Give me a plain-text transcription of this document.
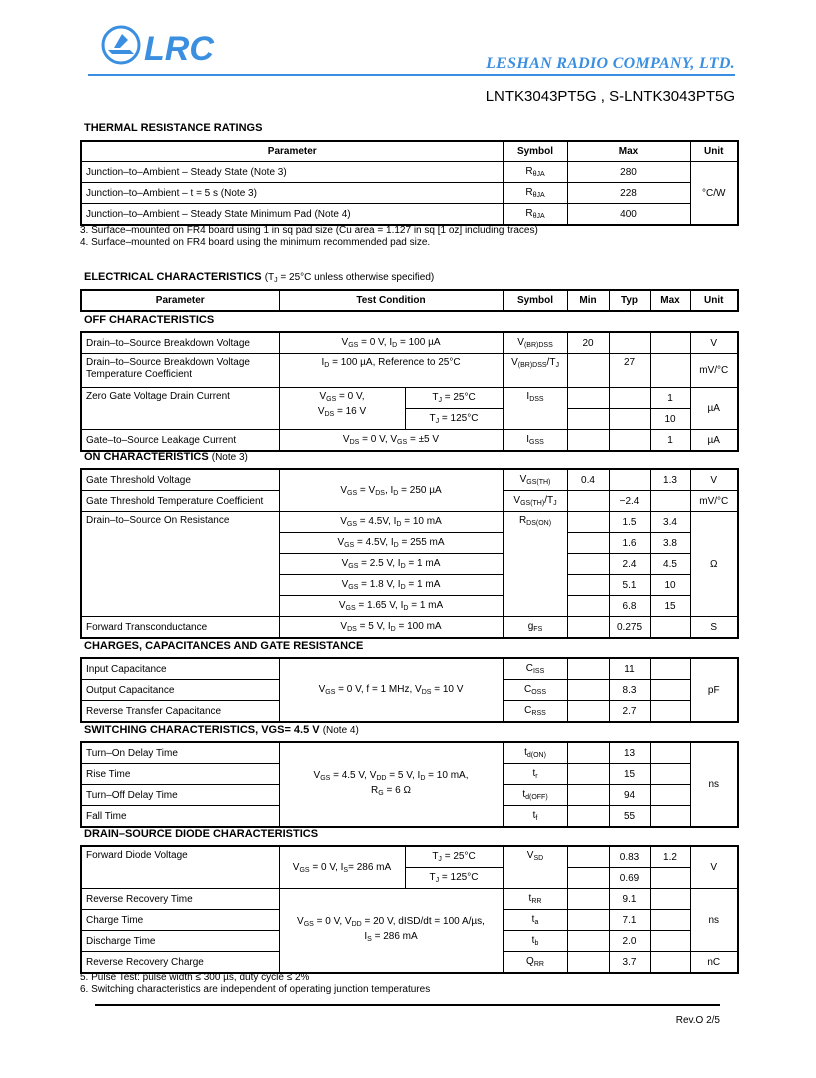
LRC	LESHAN RADIO COMPANY, LTD.
LNTK3043PT5G , S-LNTK3043PT5G
THERMAL RESISTANCE RATINGS
Parameter	Symbol	Max	Unit
Junction–to–Ambient – Steady State (Note 3)	$R_{\theta JA}$	280	°C/W
Junction–to–Ambient – t = 5 s (Note 3)	$R_{\theta JA}$	228	
Junction–to–Ambient – Steady State Minimum Pad (Note 4)	$R_{\theta JA}$	400	
3. Surface–mounted on FR4 board using 1 in sq pad size (Cu area = 1.127 in sq [1 oz] including traces)
4. Surface–mounted on FR4 board using the minimum recommended pad size.
ELECTRICAL CHARACTERISTICS ($T_J = 25^\circ C$ unless otherwise specified)
Parameter	Test Condition	Symbol	Min	Typ	Max	Unit
OFF CHARACTERISTICS
Drain–to–Source Breakdown Voltage	$V_{GS} = 0$ V, $I_D = 100$ µA		$V_{(BR)DSS}$	20			V
Drain–to–Source Breakdown Voltage
Temperature Coefficient	$I_D = 100$ µA, Reference to 25°C		$V_{(BR)DSS}/T_J$		27		mV/°C
Zero Gate Voltage Drain Current	$V_{GS} = 0$ V,
$V_{DS} = 16$ V	$T_J = 25^\circ C$	$I_{DSS}$			1	µA
		$T_J = 125^\circ C$				10	
Gate–to–Source Leakage Current	$V_{DS} = 0$ V, $V_{GS} = \pm 5$ V		$I_{GSS}$			1	µA
ON CHARACTERISTICS (Note 3)
Gate Threshold Voltage	$V_{GS} = V_{DS}$, $I_D = 250$ µA	$V_{GS(TH)}$	0.4		1.3	V
Gate Threshold Temperature Coefficient		$V_{GS(TH)}/T_J$		−2.4		mV/°C
Drain–to–Source On Resistance	$V_{GS} = 4.5V$, $I_D = 10$ mA	$R_{DS(ON)}$		1.5	3.4	Ω
	$V_{GS} = 4.5V$, $I_D = 255$ mA			1.6	3.8	
	$V_{GS} = 2.5$ V, $I_D = 1$ mA			2.4	4.5	
	$V_{GS} = 1.8$ V, $I_D = 1$ mA			5.1	10	
	$V_{GS} = 1.65$ V, $I_D = 1$ mA			6.8	15	
Forward Transconductance	$V_{DS} = 5$ V, $I_D = 100$ mA	$g_{FS}$		0.275		S
CHARGES, CAPACITANCES AND GATE RESISTANCE
Input Capacitance	$V_{GS} = 0$ V, f = 1 MHz, $V_{DS} = 10$ V	$C_{ISS}$		11		pF
Output Capacitance		$C_{OSS}$		8.3		
Reverse Transfer Capacitance		$C_{RSS}$		2.7		
SWITCHING CHARACTERISTICS, VGS= 4.5 V (Note 4)
Turn–On Delay Time	$V_{GS} = 4.5$ V, $V_{DD} = 5$ V, $I_D = 10$ mA,
$R_G = 6$ Ω	$t_{d(ON)}$		13		ns
Rise Time		$t_r$		15		
Turn–Off Delay Time		$t_{d(OFF)}$		94		
Fall Time		$t_f$		55		
DRAIN–SOURCE DIODE CHARACTERISTICS
Forward Diode Voltage	$V_{GS} = 0$ V, $I_S= 286$ mA	$T_J = 25^\circ C$	$V_{SD}$		0.83	1.2	V
		$T_J = 125^\circ C$			0.69		
Reverse Recovery Time	$V_{GS} = 0$ V, $V_{DD} = 20$ V, dISD/dt = 100 A/µs,
$I_S = 286$ mA		$t_{RR}$		9.1		ns
Charge Time			$t_a$		7.1		
Discharge Time			$t_b$		2.0		
Reverse Recovery Charge			$Q_{RR}$		3.7		nC
5. Pulse Test: pulse width ≤ 300 µs, duty cycle ≤ 2%
6. Switching characteristics are independent of operating junction temperatures
Rev.O 2/5
